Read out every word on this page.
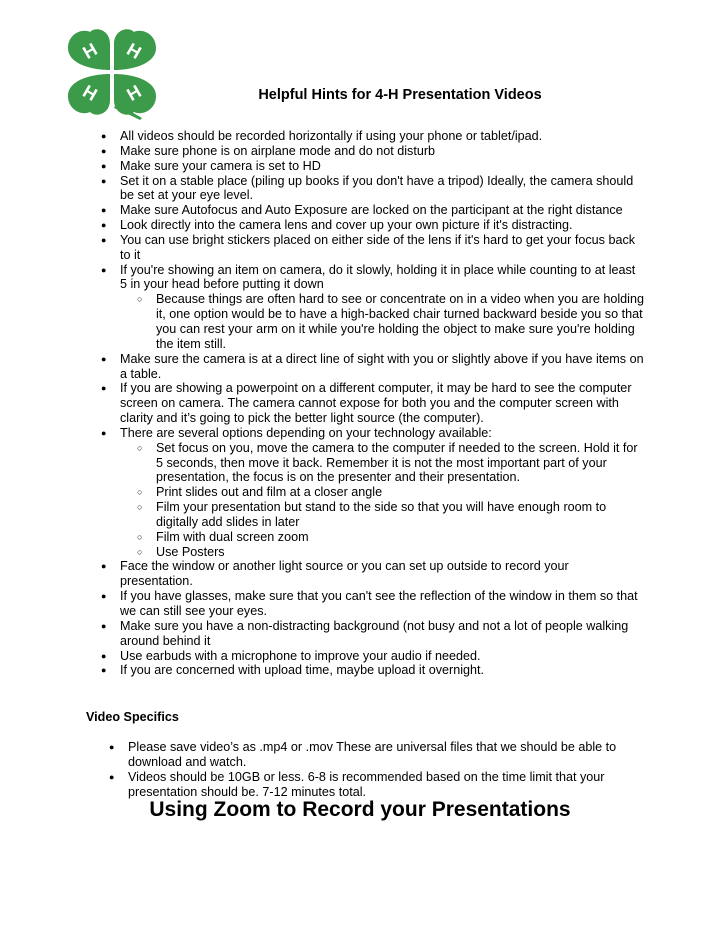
H H
H H	Helpful Hints for 4-H Presentation Videos
● All videos should be recorded horizontally if using your phone or tablet/ipad.
● Make sure phone is on airplane mode and do not disturb
● Make sure your camera is set to HD
● Set it on a stable place (piling up books if you don't have a tripod) Ideally, the camera should be set at your eye level.
● Make sure Autofocus and Auto Exposure are locked on the participant at the right distance
● Look directly into the camera lens and cover up your own picture if it's distracting.
● You can use bright stickers placed on either side of the lens if it's hard to get your focus back to it
● If you're showing an item on camera, do it slowly, holding it in place while counting to at least 5 in your head before putting it down
○ Because things are often hard to see or concentrate on in a video when you are holding it, one option would be to have a high-backed chair turned backward beside you so that you can rest your arm on it while you're holding the object to make sure you're holding the item still.
● Make sure the camera is at a direct line of sight with you or slightly above if you have items on a table.
● If you are showing a powerpoint on a different computer, it may be hard to see the computer screen on camera. The camera cannot expose for both you and the computer screen with clarity and it’s going to pick the better light source (the computer).
● There are several options depending on your technology available:
○ Set focus on you, move the camera to the computer if needed to the screen. Hold it for 5 seconds, then move it back. Remember it is not the most important part of your presentation, the focus is on the presenter and their presentation.
○ Print slides out and film at a closer angle
○ Film your presentation but stand to the side so that you will have enough room to digitally add slides in later
○ Film with dual screen zoom
○ Use Posters
● Face the window or another light source or you can set up outside to record your presentation.
● If you have glasses, make sure that you can't see the reflection of the window in them so that we can still see your eyes.
● Make sure you have a non-distracting background (not busy and not a lot of people walking around behind it
● Use earbuds with a microphone to improve your audio if needed.
● If you are concerned with upload time, maybe upload it overnight.
Video Specifics
● Please save video’s as .mp4 or .mov These are universal files that we should be able to download and watch.
● Videos should be 10GB or less. 6-8 is recommended based on the time limit that your presentation should be. 7-12 minutes total.
Using Zoom to Record your Presentations
